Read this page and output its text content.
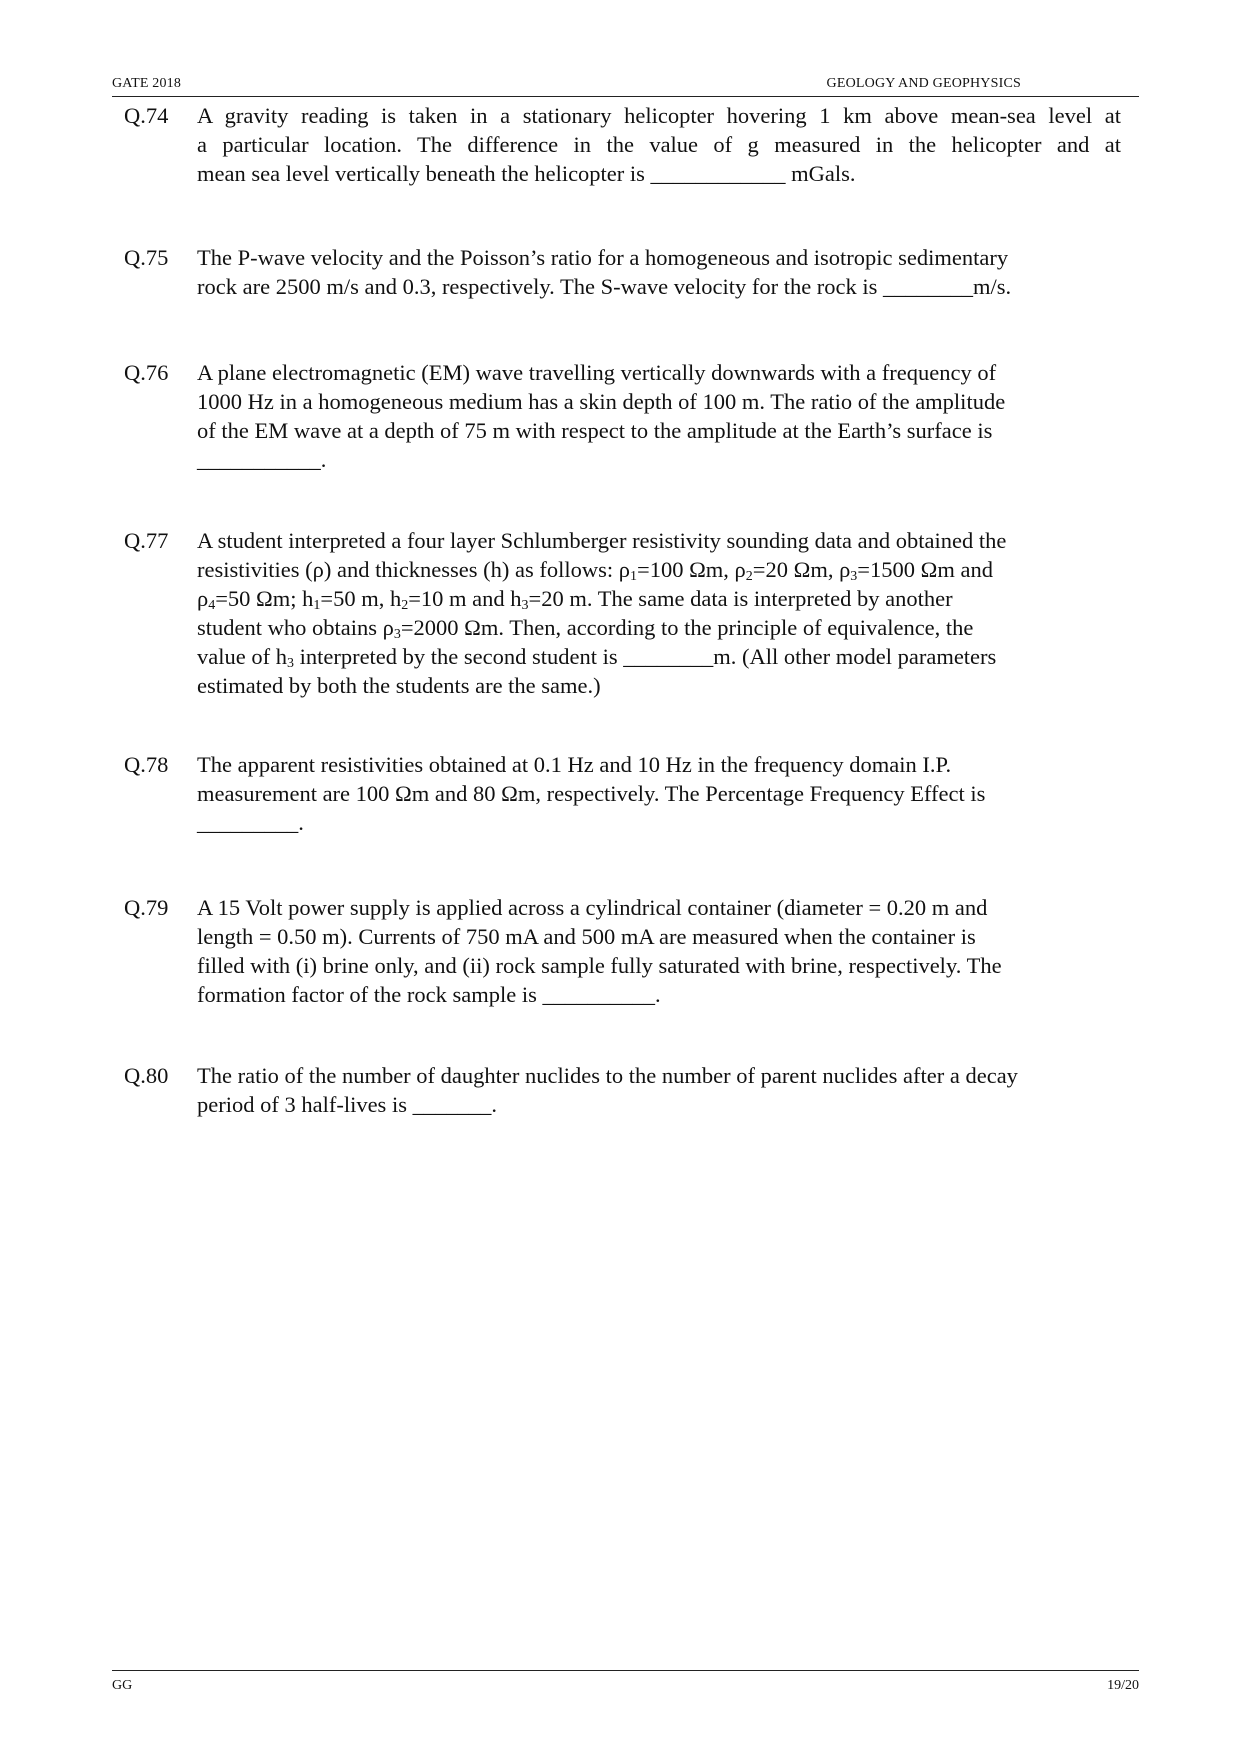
GATE 2018	GEOLOGY AND GEOPHYSICS
Q.74	A gravity reading is taken in a stationary helicopter hovering 1 km above mean-sea level at
a particular location. The difference in the value of g measured in the helicopter and at
mean sea level vertically beneath the helicopter is ____________ mGals.
Q.75	The P-wave velocity and the Poisson’s ratio for a homogeneous and isotropic sedimentary
rock are 2500 m/s and 0.3, respectively. The S-wave velocity for the rock is ________m/s.
Q.76	A plane electromagnetic (EM) wave travelling vertically downwards with a frequency of
1000 Hz in a homogeneous medium has a skin depth of 100 m. The ratio of the amplitude
of the EM wave at a depth of 75 m with respect to the amplitude at the Earth’s surface is
___________.
Q.77	A student interpreted a four layer Schlumberger resistivity sounding data and obtained the
resistivities (ρ) and thicknesses (h) as follows: $\rho_1=100$ Ωm, $\rho_2=20$ Ωm, $\rho_3=1500$ Ωm and
$\rho_4=50$ Ωm; $h_1=50$ m, $h_2=10$ m and $h_3=20$ m. The same data is interpreted by another
student who obtains $\rho_3=2000$ Ωm. Then, according to the principle of equivalence, the
value of $h_3$ interpreted by the second student is ________m. (All other model parameters
estimated by both the students are the same.)
Q.78	The apparent resistivities obtained at 0.1 Hz and 10 Hz in the frequency domain I.P.
measurement are 100 Ωm and 80 Ωm, respectively. The Percentage Frequency Effect is
_________.
Q.79	A 15 Volt power supply is applied across a cylindrical container (diameter = 0.20 m and
length = 0.50 m). Currents of 750 mA and 500 mA are measured when the container is
filled with (i) brine only, and (ii) rock sample fully saturated with brine, respectively. The
formation factor of the rock sample is __________.
Q.80	The ratio of the number of daughter nuclides to the number of parent nuclides after a decay
period of 3 half-lives is _______.
GG	19/20
